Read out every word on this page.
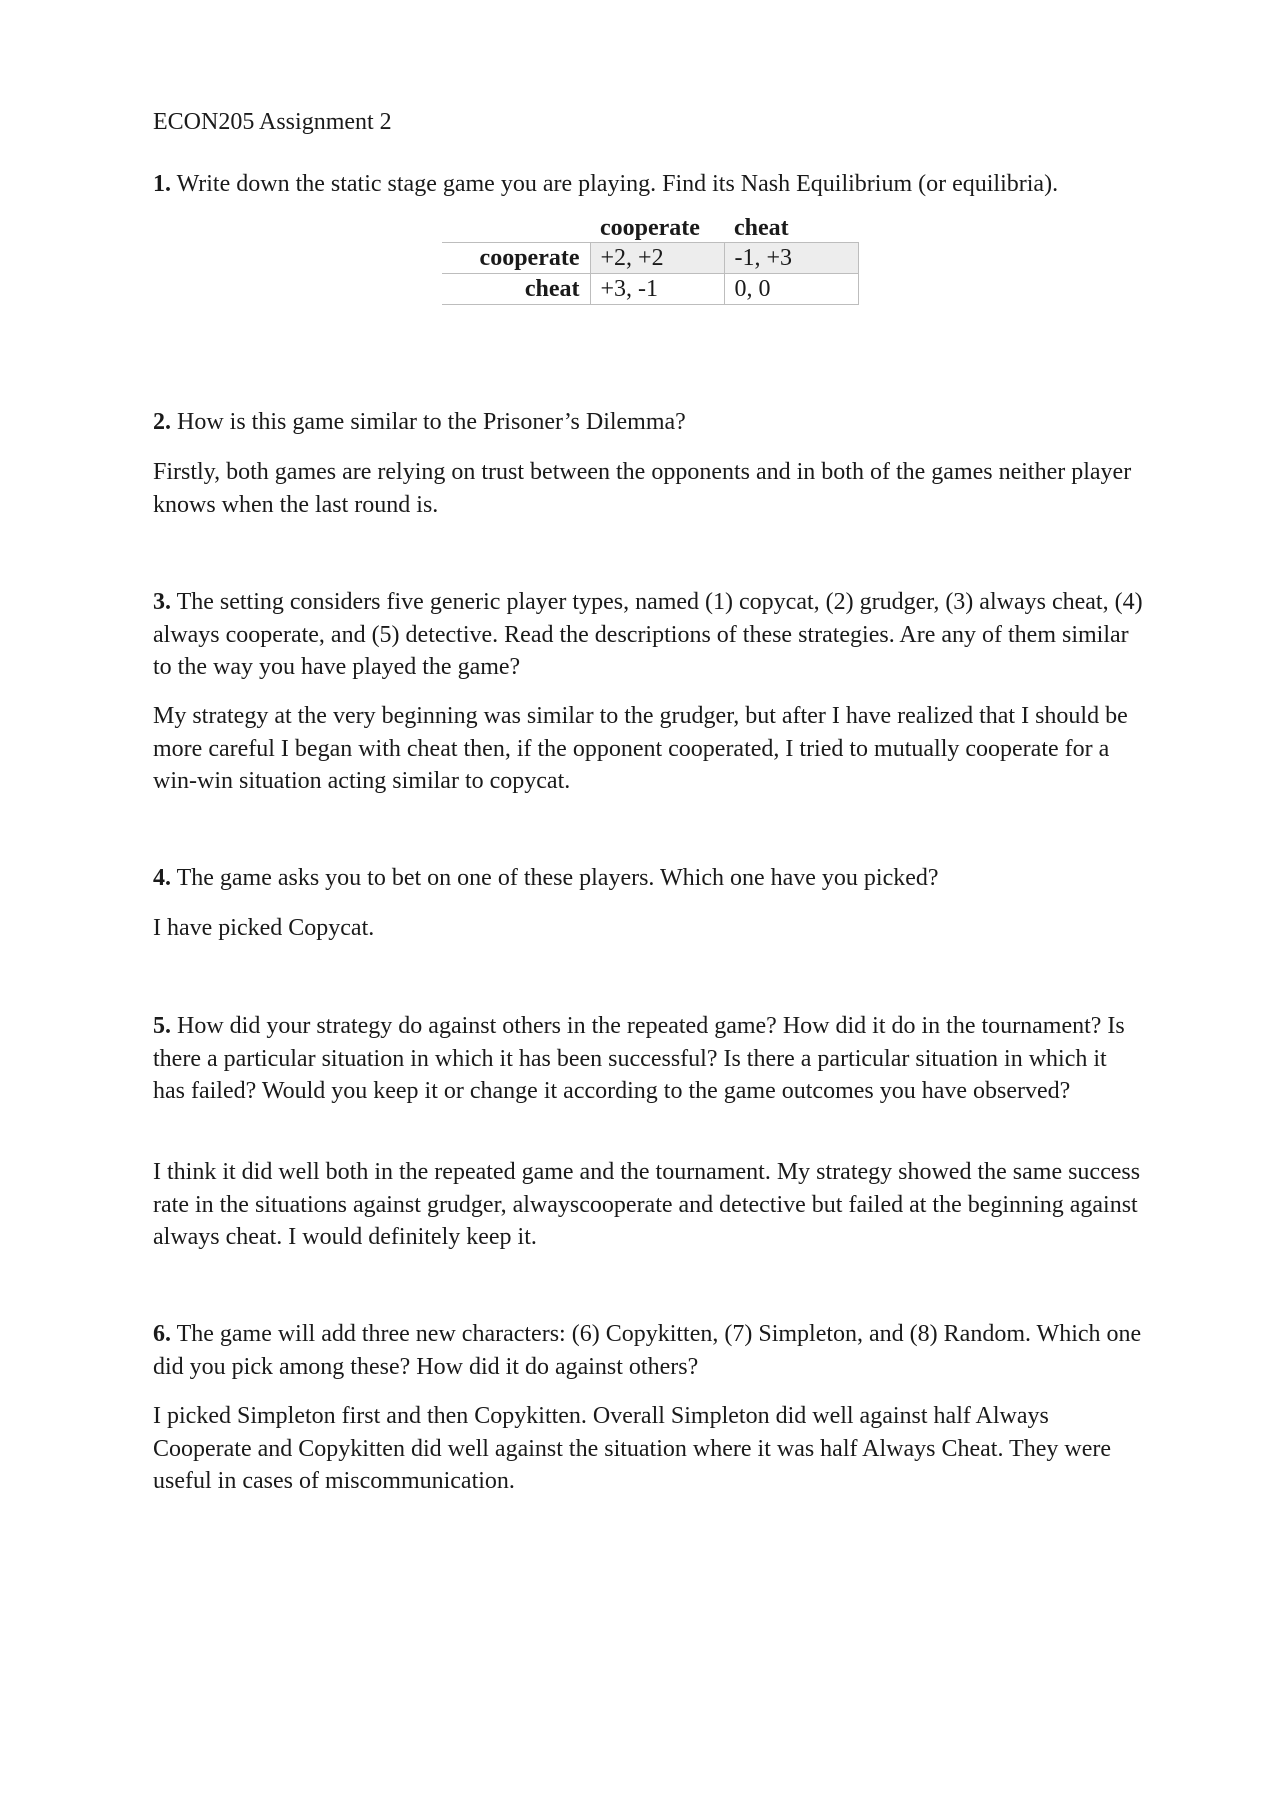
ECON205 Assignment 2

1. Write down the static stage game you are playing. Find its Nash Equilibrium (or equilibria).

	cooperate	cheat
cooperate	+2, +2	-1, +3
cheat	+3, -1	0, 0

2. How is this game similar to the Prisoner’s Dilemma?

Firstly, both games are relying on trust between the opponents and in both of the games neither player knows when the last round is.

3. The setting considers five generic player types, named (1) copycat, (2) grudger, (3) always cheat, (4) always cooperate, and (5) detective. Read the descriptions of these strategies. Are any of them similar to the way you have played the game?

My strategy at the very beginning was similar to the grudger, but after I have realized that I should be more careful I began with cheat then, if the opponent cooperated, I tried to mutually cooperate for a win-win situation acting similar to copycat.

4. The game asks you to bet on one of these players. Which one have you picked?

I have picked Copycat.

5. How did your strategy do against others in the repeated game? How did it do in the tournament? Is there a particular situation in which it has been successful? Is there a particular situation in which it has failed? Would you keep it or change it according to the game outcomes you have observed?

I think it did well both in the repeated game and the tournament. My strategy showed the same success rate in the situations against grudger, alwayscooperate and detective but failed at the beginning against always cheat. I would definitely keep it.

6. The game will add three new characters: (6) Copykitten, (7) Simpleton, and (8) Random. Which one did you pick among these? How did it do against others?

I picked Simpleton first and then Copykitten. Overall Simpleton did well against half Always Cooperate and Copykitten did well against the situation where it was half Always Cheat. They were useful in cases of miscommunication.
